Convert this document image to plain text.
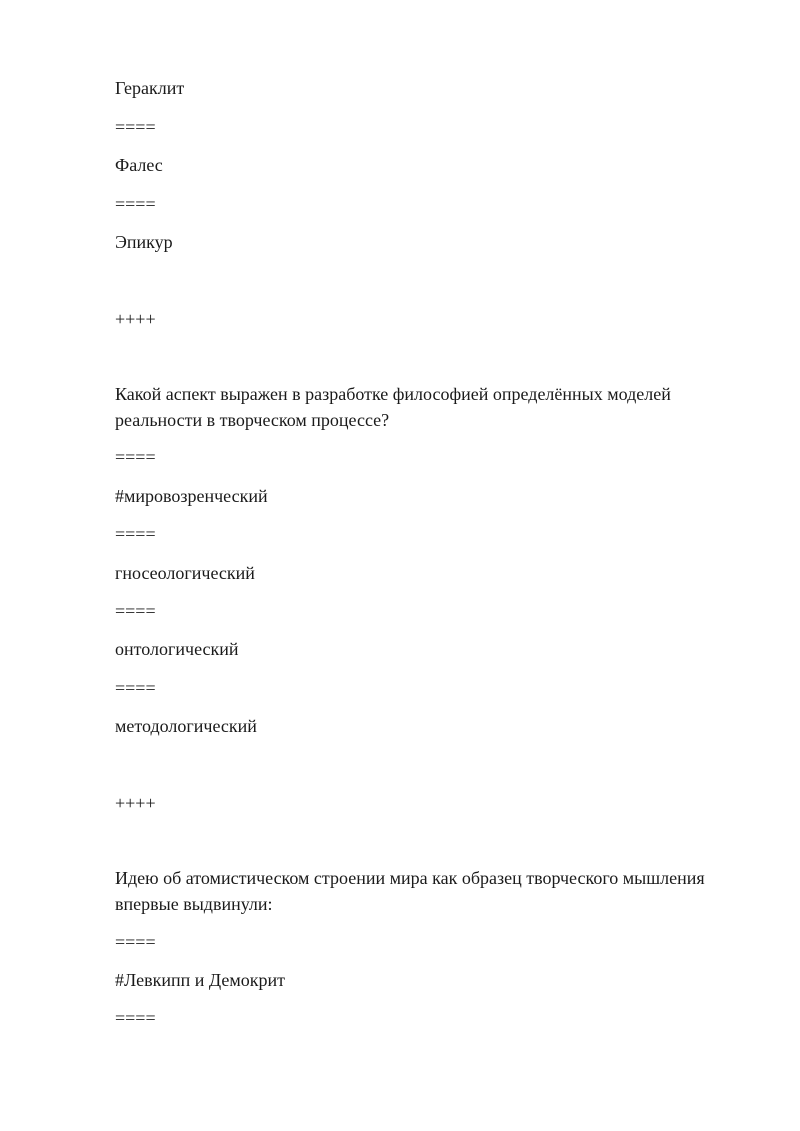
Гераклит
====
Фалес
====
Эпикур
++++
Какой аспект выражен в разработке философией определённых моделей реальности в творческом процессе?
====
#мировозренческий
====
гносеологический
====
онтологический
====
методологический
++++
Идею об атомистическом строении мира как образец творческого мышления впервые выдвинули:
====
#Левкипп и Демокрит
====
